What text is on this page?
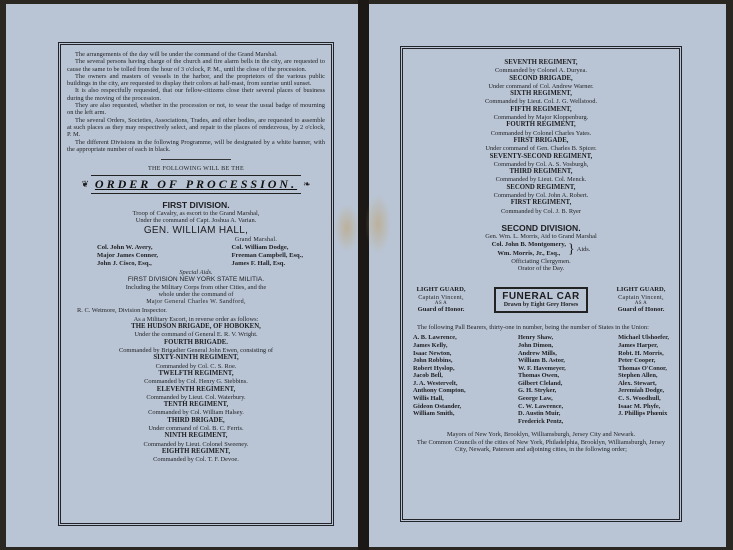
The arrangements of the day will be under the command of the Grand Marshal.
The several persons having charge of the church and fire alarm bells in the city, are requested to cause the same to be tolled from the hour of 3 o'clock, P. M., until the close of the procession.
The owners and masters of vessels in the harbor, and the proprietors of the various public buildings in the city, are requested to display their colors at half-mast, from sunrise until sunset.
It is also respectfully requested, that our fellow-citizens close their several places of business during the moving of the procession.
They are also requested, whether in the procession or not, to wear the usual badge of mourning on the left arm.
The several Orders, Societies, Associations, Trades, and other bodies, are requested to assemble at such places as they may respectively select, and repair to the places of rendezvous, by 2 o'clock, P. M.
The different Divisions in the following Programme, will be designated by a white banner, with the appropriate number of each in black.
THE FOLLOWING WILL BE THE
❦ ORDER OF PROCESSION. ❧
FIRST DIVISION.
Troop of Cavalry, as escort to the Grand Marshal,
Under the command of Capt. Joshua A. Varian.
GEN. WILLIAM HALL,
Grand Marshal.
Col. John W. Avery,
Major James Conner,
John J. Cisco, Esq.,
Col. William Dodge,
Freeman Campbell, Esq.,
James F. Hall, Esq.
Special Aids.
FIRST DIVISION NEW YORK STATE MILITIA.
Including the Military Corps from other Cities, and the
whole under the command of
Major General Charles W. Sandford,
R. C. Wetmore, Division Inspector.
As a Military Escort, in reverse order as follows:
THE HUDSON BRIGADE, OF HOBOKEN,
Under the command of General E. R. V. Wright.
FOURTH BRIGADE.
Commanded by Brigadier General John Ewen, consisting of
SIXTY-NINTH REGIMENT,
Commanded by Col. C. S. Roe.
TWELFTH REGIMENT,
Commanded by Col. Henry G. Stebbins.
ELEVENTH REGIMENT,
Commanded by Lieut. Col. Waterbury.
TENTH REGIMENT,
Commanded by Col. William Halsey.
THIRD BRIGADE,
Under command of Col. B. C. Ferris.
NINTH REGIMENT,
Commanded by Lieut. Colonel Sweeney.
EIGHTH REGIMENT,
Commanded by Col. T. F. Devoe.
SEVENTH REGIMENT,
Commanded by Colonel A. Duryea.
SECOND BRIGADE,
Under command of Col. Andrew Warner.
SIXTH REGIMENT,
Commanded by Lieut. Col. J. G. Wellstood.
FIFTH REGIMENT,
Commanded by Major Kloppenburg.
FOURTH REGIMENT,
Commanded by Colonel Charles Yates.
FIRST BRIGADE,
Under command of Gen. Charles B. Spicer.
SEVENTY-SECOND REGIMENT,
Commanded by Col. A. S. Vosburgh,
THIRD REGIMENT,
Commanded by Lieut. Col. Menck.
SECOND REGIMENT,
Commanded by Col. John A. Robert.
FIRST REGIMENT,
Commanded by Col. J. B. Ryer
SECOND DIVISION.
Gen. Wm. L. Morris, Aid to Grand Marshal
Col. John B. Montgomery,
Wm. Morris, Jr., Esq., } Aids.
Officiating Clergymen.
Orator of the Day.
LIGHT GUARD,
Captain Vincent,
AS A
Guard of Honor.
FUNERAL CAR
Drawn by Eight Grey Horses
LIGHT GUARD,
Captain Vincent,
AS A
Guard of Honor.
The following Pall Bearers, thirty-one in number, being the number of States in the Union:
A. B. Lawrence,
James Kelly,
Isaac Newton,
John Robbins,
Robert Hyslop,
Jacob Bell,
J. A. Westervelt,
Anthony Compton,
Willis Hall,
Gideon Ostander,
William Smith,
Henry Shaw,
John Dimon,
Andrew Mills,
William B. Astor,
W. F. Havemeyer,
Thomas Owen,
Gilbert Cleland,
G. H. Stryker,
George Law,
C. W. Lawrence,
D. Austin Muir,
Frederick Pentz,
Michael Ulshoefer,
James Harper,
Robt. H. Morris,
Peter Cooper,
Thomas O'Conor,
Stephen Allen,
Alex. Stewart,
Jeremiah Dodge,
C. S. Woodhull,
Isaac M. Phyfe,
J. Phillips Phœnix
Mayors of New York, Brooklyn, Williamsburgh, Jersey City and Newark.
The Common Councils of the cities of New York, Philadelphia, Brooklyn, Williamsburgh, Jersey City, Newark, Paterson and adjoining cities, in the following order;
